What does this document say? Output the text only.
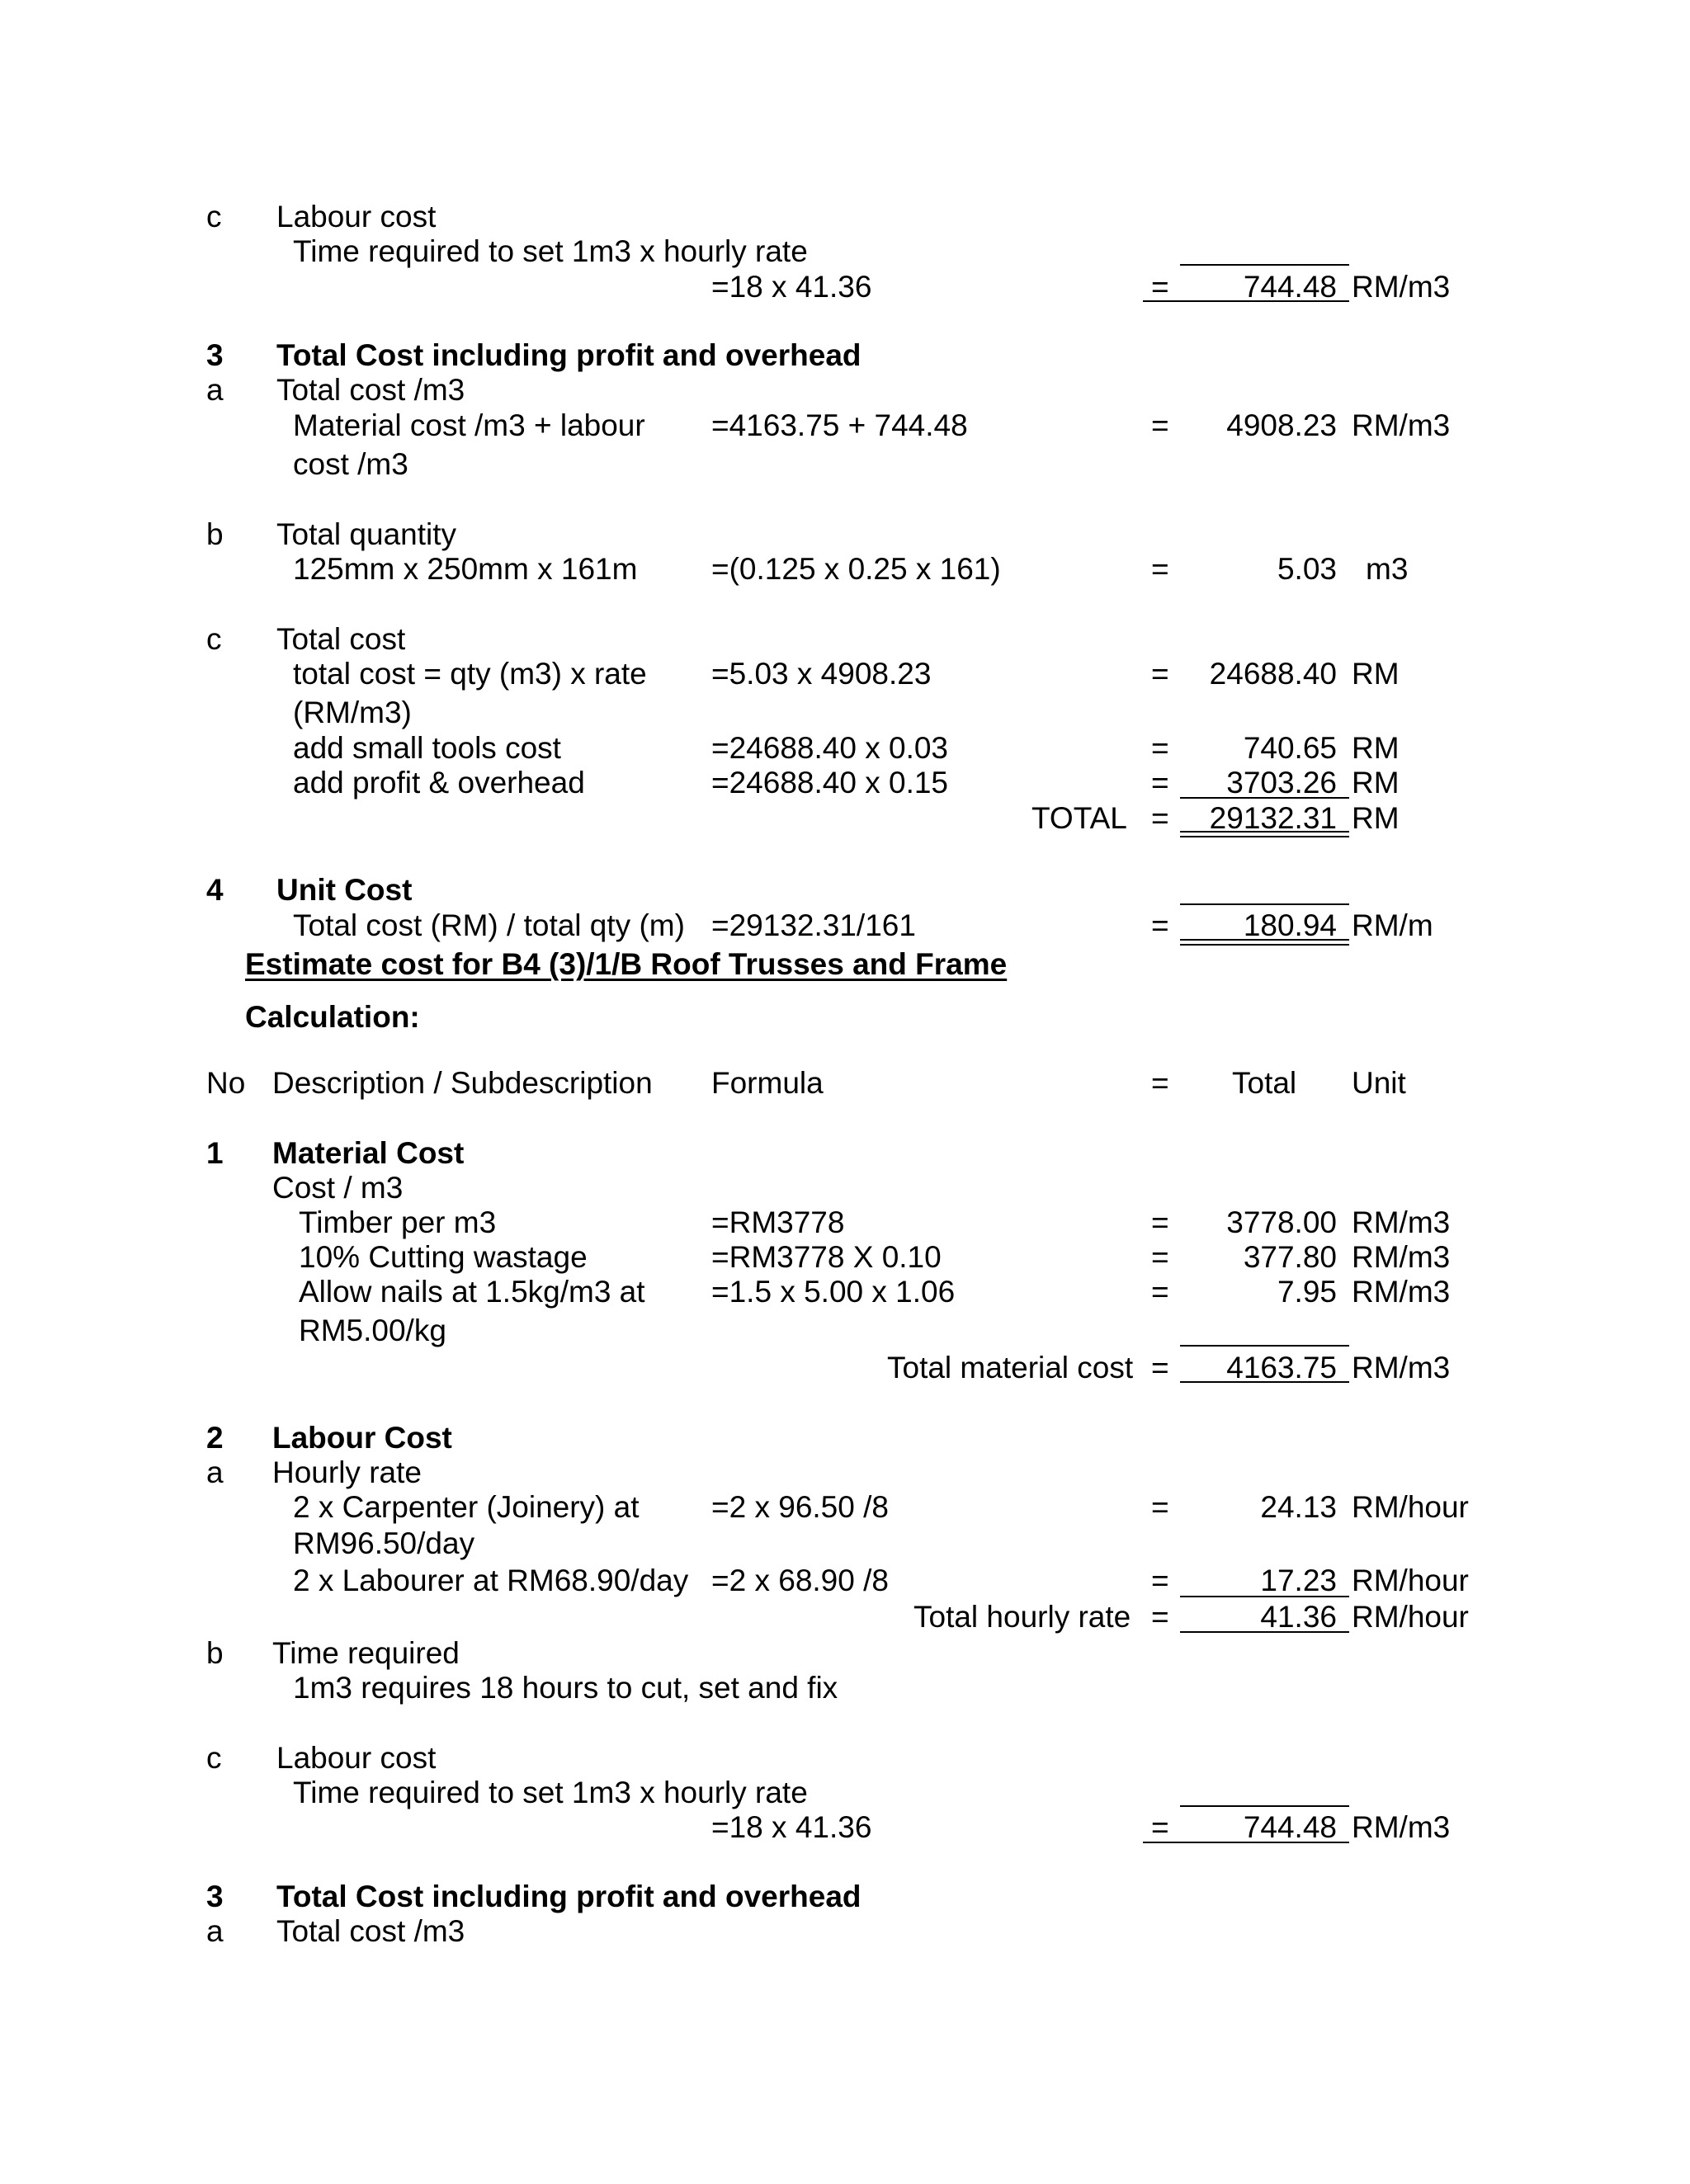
c Labour cost
Time required to set 1m3 x hourly rate
=18 x 41.36	=	744.48 RM/m3
3 Total Cost including profit and overhead
a Total cost /m3
Material cost /m3 + labour =4163.75 + 744.48	=	4908.23 RM/m3
cost /m3
b Total quantity
125mm x 250mm x 161m =(0.125 x 0.25 x 161)	=	5.03 m3
c Total cost
total cost = qty (m3) x rate =5.03 x 4908.23	=	24688.40 RM
(RM/m3)
add small tools cost	=24688.40 x 0.03	=	740.65 RM
add profit & overhead	=24688.40 x 0.15	=	3703.26 RM
TOTAL =	29132.31 RM
4 Unit Cost
Total cost (RM) / total qty (m) =29132.31/161	=	180.94 RM/m
Estimate cost for B4 (3)/1/B Roof Trusses and Frame
Calculation:
No Description / Subdescription Formula	= Total Unit
1 Material Cost
Cost / m3
Timber per m3	=RM3778	=	3778.00 RM/m3
10% Cutting wastage	=RM3778 X 0.10	=	377.80 RM/m3
Allow nails at 1.5kg/m3 at =1.5 x 5.00 x 1.06	=	7.95 RM/m3
RM5.00/kg
Total material cost =	4163.75 RM/m3
2 Labour Cost
a Hourly rate
2 x Carpenter (Joinery) at =2 x 96.50 /8	=	24.13 RM/hour
RM96.50/day
2 x Labourer at RM68.90/day =2 x 68.90 /8	=	17.23 RM/hour
Total hourly rate =	41.36 RM/hour
b Time required
1m3 requires 18 hours to cut, set and fix
c Labour cost
Time required to set 1m3 x hourly rate
=18 x 41.36	=	744.48 RM/m3
3 Total Cost including profit and overhead
a Total cost /m3
